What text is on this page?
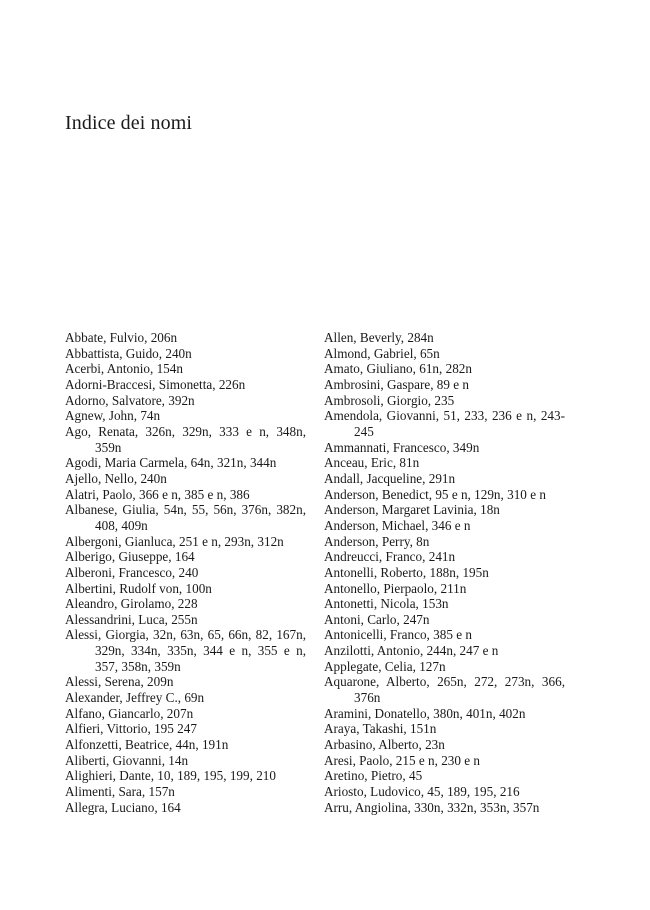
Indice dei nomi
Abbate, Fulvio, 206n
Abbattista, Guido, 240n
Acerbi, Antonio, 154n
Adorni-Braccesi, Simonetta, 226n
Adorno, Salvatore, 392n
Agnew, John, 74n
Ago, Renata, 326n, 329n, 333 e n, 348n, 359n
Agodi, Maria Carmela, 64n, 321n, 344n
Ajello, Nello, 240n
Alatri, Paolo, 366 e n, 385 e n, 386
Albanese, Giulia, 54n, 55, 56n, 376n, 382n, 408, 409n
Albergoni, Gianluca, 251 e n, 293n, 312n
Alberigo, Giuseppe, 164
Alberoni, Francesco, 240
Albertini, Rudolf von, 100n
Aleandro, Girolamo, 228
Alessandrini, Luca, 255n
Alessi, Giorgia, 32n, 63n, 65, 66n, 82, 167n, 329n, 334n, 335n, 344 e n, 355 e n, 357, 358n, 359n
Alessi, Serena, 209n
Alexander, Jeffrey C., 69n
Alfano, Giancarlo, 207n
Alfieri, Vittorio, 195 247
Alfonzetti, Beatrice, 44n, 191n
Aliberti, Giovanni, 14n
Alighieri, Dante, 10, 189, 195, 199, 210
Alimenti, Sara, 157n
Allegra, Luciano, 164
Allen, Beverly, 284n
Almond, Gabriel, 65n
Amato, Giuliano, 61n, 282n
Ambrosini, Gaspare, 89 e n
Ambrosoli, Giorgio, 235
Amendola, Giovanni, 51, 233, 236 e n, 243-245
Ammannati, Francesco, 349n
Anceau, Eric, 81n
Andall, Jacqueline, 291n
Anderson, Benedict, 95 e n, 129n, 310 e n
Anderson, Margaret Lavinia, 18n
Anderson, Michael, 346 e n
Anderson, Perry, 8n
Andreucci, Franco, 241n
Antonelli, Roberto, 188n, 195n
Antonello, Pierpaolo, 211n
Antonetti, Nicola, 153n
Antoni, Carlo, 247n
Antonicelli, Franco, 385 e n
Anzilotti, Antonio, 244n, 247 e n
Applegate, Celia, 127n
Aquarone, Alberto, 265n, 272, 273n, 366, 376n
Aramini, Donatello, 380n, 401n, 402n
Araya, Takashi, 151n
Arbasino, Alberto, 23n
Aresi, Paolo, 215 e n, 230 e n
Aretino, Pietro, 45
Ariosto, Ludovico, 45, 189, 195, 216
Arru, Angiolina, 330n, 332n, 353n, 357n
